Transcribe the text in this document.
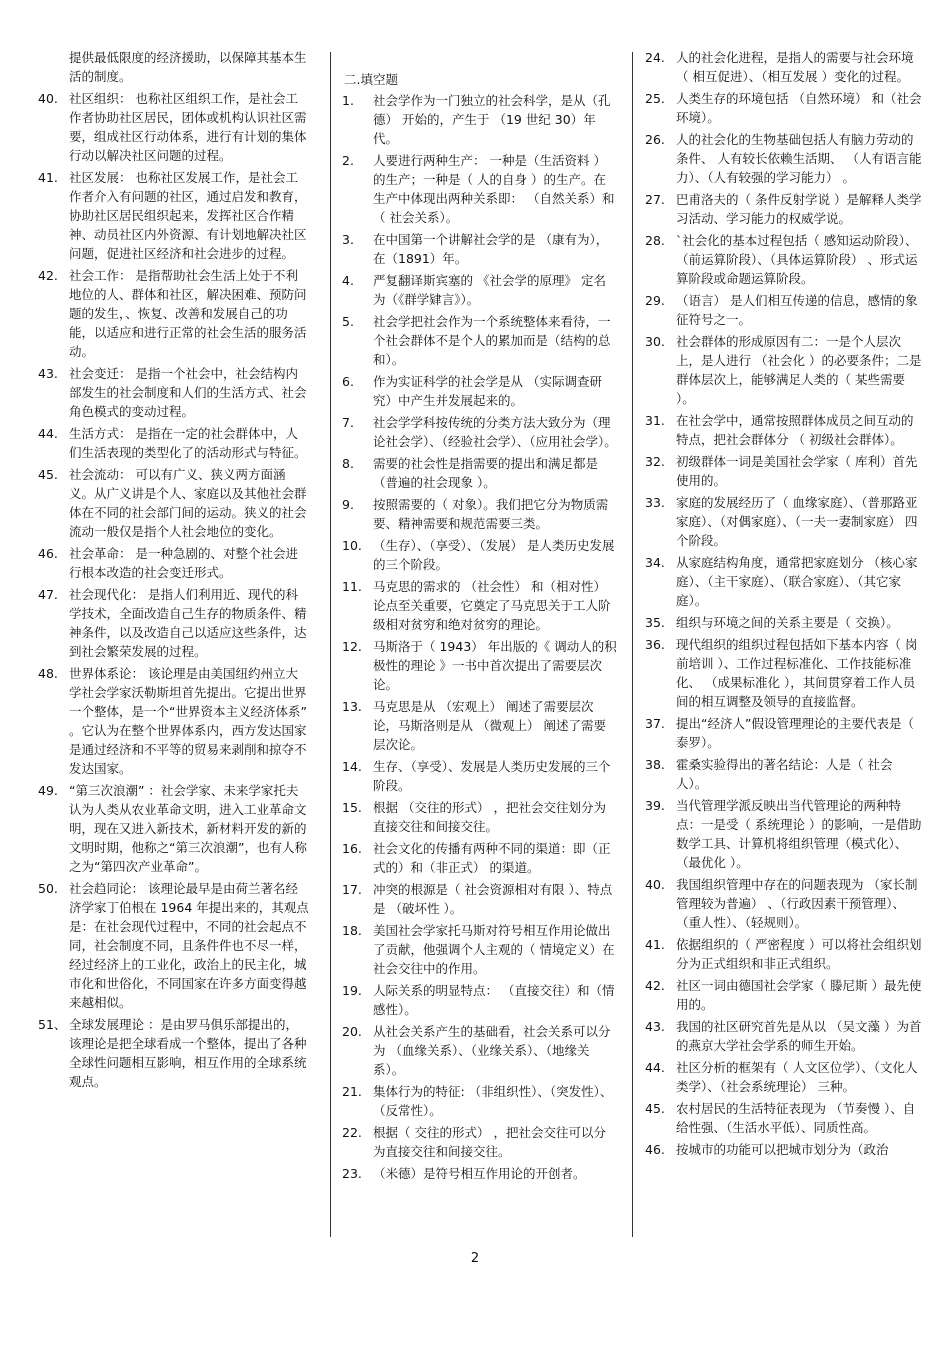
提供最低限度的经济援助，以保障其基本生活的制度。
40. 社区组织： 也称社区组织工作，是社会工作者协助社区居民，团体或机构认识社区需要，组成社区行动体系，进行有计划的集体行动以解决社区问题的过程。
41. 社区发展： 也称社区发展工作，是社会工作者介入有问题的社区，通过启发和教育，协助社区居民组织起来，发挥社区合作精神、动员社区内外资源、有计划地解决社区问题，促进社区经济和社会进步的过程。
42. 社会工作： 是指帮助社会生活上处于不利地位的人、群体和社区，解决困难、预防问题的发生，、恢复、改善和发展自己的功能，以适应和进行正常的社会生活的服务活动。
43. 社会变迁： 是指一个社会中，社会结构内部发生的社会制度和人们的生活方式、社会角色模式的变动过程。
44. 生活方式： 是指在一定的社会群体中，人们生活表现的类型化了的活动形式与特征。
45. 社会流动： 可以有广义、狭义两方面涵义。从广义讲是个人、家庭以及其他社会群体在不同的社会部门间的运动。狭义的社会流动一般仅是指个人社会地位的变化。
46. 社会革命： 是一种急剧的、对整个社会进行根本改造的社会变迁形式。
47. 社会现代化： 是指人们利用近、现代的科学技术，全面改造自己生存的物质条件、精神条件，以及改造自己以适应这些条件，达到社会繁荣发展的过程。
48. 世界体系论： 该论理是由美国纽约州立大学社会学家沃勒斯坦首先提出。它提出世界一个整体，是一个“世界资本主义经济体系” 。它认为在整个世界体系内，西方发达国家是通过经济和不平等的贸易来剥削和掠夺不发达国家。
49. “第三次浪潮” ：社会学家、未来学家托夫认为人类从农业革命文明，进入工业革命文明，现在又进入新技术，新材料开发的新的文明时期，他称之“第三次浪潮”，也有人称之为“第四次产业革命”。
50. 社会趋同论： 该理论最早是由荷兰著名经济学家丁伯根在 1964 年提出来的，其观点是：在社会现代过程中，不同的社会起点不同，社会制度不同，且条件件也不尽一样，经过经济上的工业化，政治上的民主化，城市化和世俗化，不同国家在许多方面变得越来越相似。
51、 全球发展理论 ：是由罗马俱乐部提出的，该理论是把全球看成一个整体，提出了各种全球性问题相互影响，相互作用的全球系统观点。
二.填空题
1. 社会学作为一门独立的社会科学，是从（孔德） 开始的，产生于 （19 世纪 30）年代。
2. 人要进行两种生产： 一种是（生活资料 ）的生产；一种是（ 人的自身 ）的生产。在生产中体现出两种关系即： （自然关系）和（ 社会关系）。
3. 在中国第一个讲解社会学的是 （康有为），在（1891）年。
4. 严复翻译斯宾塞的 《社会学的原理》 定名为（《群学肄言》）。
5. 社会学把社会作为一个系统整体来看待，一个社会群体不是个人的累加而是（结构的总和）。
6. 作为实证科学的社会学是从 （实际调查研究）中产生并发展起来的。
7. 社会学学科按传统的分类方法大致分为（理论社会学）、（经验社会学）、（应用社会学）。
8. 需要的社会性是指需要的提出和满足都是 （普遍的社会现象 ）。
9. 按照需要的（ 对象）。我们把它分为物质需要、精神需要和规范需要三类。
10. （生存）、（享受）、（发展） 是人类历史发展的三个阶段。
11. 马克思的需求的 （社会性） 和（相对性）论点至关重要，它奠定了马克思关于工人阶级相对贫穷和绝对贫穷的理论。
12. 马斯洛于（ 1943） 年出版的《 调动人的积极性的理论 》一书中首次提出了需要层次论。
13. 马克思是从 （宏观上） 阐述了需要层次论，马斯洛则是从 （微观上） 阐述了需要层次论。
14. 生存、（享受）、发展是人类历史发展的三个阶段。
15. 根据 （交往的形式） ，把社会交往划分为直接交往和间接交往。
16. 社会文化的传播有两种不同的渠道：即（正式的）和（非正式） 的渠道。
17. 冲突的根源是（ 社会资源相对有限 ）、特点是 （破坏性 ）。
18. 美国社会学家托马斯对符号相互作用论做出了贡献，他强调个人主观的（ 情境定义）在社会交往中的作用。
19. 人际关系的明显特点： （直接交往）和（情感性）。
20. 从社会关系产生的基础看，社会关系可以分为 （血缘关系）、（业缘关系）、（地缘关系）。
21. 集体行为的特征: （非组织性）、（突发性）、（反常性）。
22. 根据（ 交往的形式） ，把社会交往可以分为直接交往和间接交往。
23. （米德）是符号相互作用论的开创者。
24. 人的社会化进程，是指人的需要与社会环境（ 相互促进）、（相互发展 ）变化的过程。
25. 人类生存的环境包括 （自然环境） 和（社会环境）。
26. 人的社会化的生物基础包括人有脑力劳动的条件、 人有较长依赖生活期、 （人有语言能力）、（人有较强的学习能力） 。
27. 巴甫洛夫的（ 条件反射学说 ）是解释人类学习活动、学习能力的权威学说。
28. `社会化的基本过程包括（ 感知运动阶段）、（前运算阶段）、（具体运算阶段） 、形式运算阶段或命题运算阶段。
29. （语言） 是人们相互传递的信息，感情的象征符号之一。
30. 社会群体的形成原因有二：一是个人层次上，是人进行 （社会化 ）的必要条件；二是群体层次上，能够满足人类的（ 某些需要 ）。
31. 在社会学中，通常按照群体成员之间互动的特点，把社会群体分 （ 初级社会群体）。
32. 初级群体一词是美国社会学家（ 库利）首先使用的。
33. 家庭的发展经历了（ 血缘家庭）、（普那路亚家庭）、（对偶家庭）、（一夫一妻制家庭） 四个阶段。
34. 从家庭结构角度，通常把家庭划分 （核心家庭）、（主干家庭）、（联合家庭）、（其它家庭）。
35. 组织与环境之间的关系主要是（ 交换）。
36. 现代组织的组织过程包括如下基本内容（ 岗前培训 ）、工作过程标准化、工作技能标准化、 （成果标准化 ），其间贯穿着工作人员间的相互调整及领导的直接监督。
37. 提出“经济人”假设管理理论的主要代表是（ 泰罗）。
38. 霍桑实验得出的著名结论：人是（ 社会人）。
39. 当代管理学派反映出当代管理论的两种特点：一是受（ 系统理论 ）的影响，一是借助数学工具、计算机将组织管理（模式化）、（最优化 ）。
40. 我国组织管理中存在的问题表现为 （家长制管理较为普遍） 、（行政因素干预管理）、（重人性）、（轻规则）。
41. 依据组织的（ 严密程度 ）可以将社会组织划分为正式组织和非正式组织。
42. 社区一词由德国社会学家（ 滕尼斯 ）最先使用的。
43. 我国的社区研究首先是从以 （吴文藻 ）为首的燕京大学社会学系的师生开始。
44. 社区分析的框架有（ 人文区位学）、（文化人类学）、（社会系统理论） 三种。
45. 农村居民的生活特征表现为 （节奏慢 ）、自给性强、（生活水平低）、同质性高。
46. 按城市的功能可以把城市划分为（政治
2
